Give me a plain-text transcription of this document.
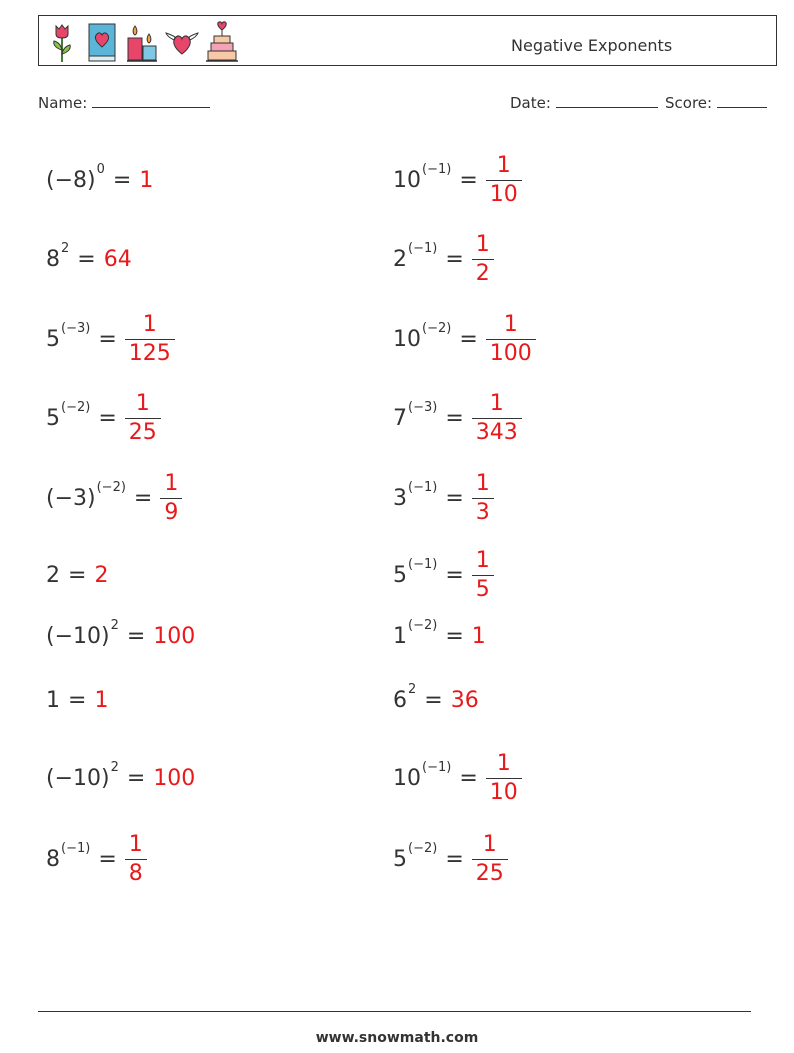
Negative Exponents
Name:	Date:	Score:
$(-8)^0 = 1$	$10^{(-1)} = \frac{1}{10}$
$8^2 = 64$	$2^{(-1)} = \frac{1}{2}$
$5^{(-3)} = \frac{1}{125}$	$10^{(-2)} = \frac{1}{100}$
$5^{(-2)} = \frac{1}{25}$	$7^{(-3)} = \frac{1}{343}$
$(-3)^{(-2)} = \frac{1}{9}$	$3^{(-1)} = \frac{1}{3}$
2 = 2	$5^{(-1)} = \frac{1}{5}$
$(-10)^2 = 100$	$1^{(-2)} = 1$
1 = 1	$6^2 = 36$
$(-10)^2 = 100$	$10^{(-1)} = \frac{1}{10}$
$8^{(-1)} = \frac{1}{8}$	$5^{(-2)} = \frac{1}{25}$
www.snowmath.com
